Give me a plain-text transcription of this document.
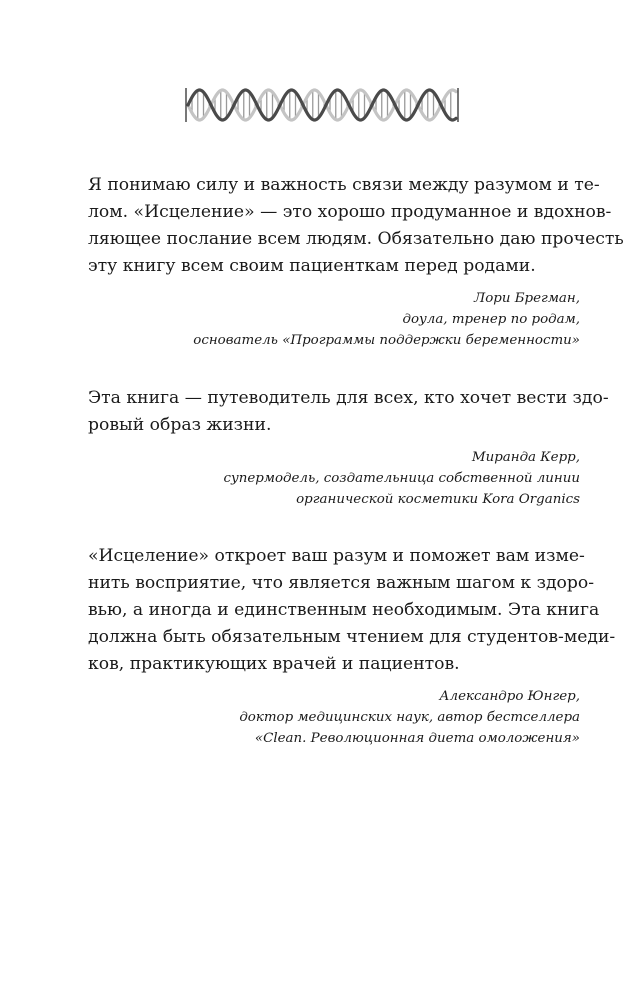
Я понимаю силу и важность связи между разумом и те-
лом. «Исцеление» — это хорошо продуманное и вдохнов-
ляющее послание всем людям. Обязательно даю прочесть
эту книгу всем своим пациенткам перед родами.
Лори Брегман,
доула, тренер по родам,
основатель «Программы поддержки беременности»
Эта книга — путеводитель для всех, кто хочет вести здо-
ровый образ жизни.
Миранда Керр,
супермодель, создательница собственной линии
органической косметики Kora Organics
«Исцеление» откроет ваш разум и поможет вам изме-
нить восприятие, что является важным шагом к здоро-
вью, а иногда и единственным необходимым. Эта книга
должна быть обязательным чтением для студентов-меди-
ков, практикующих врачей и пациентов.
Александро Юнгер,
доктор медицинских наук, автор бестселлера
«Clean. Революционная диета омоложения»
